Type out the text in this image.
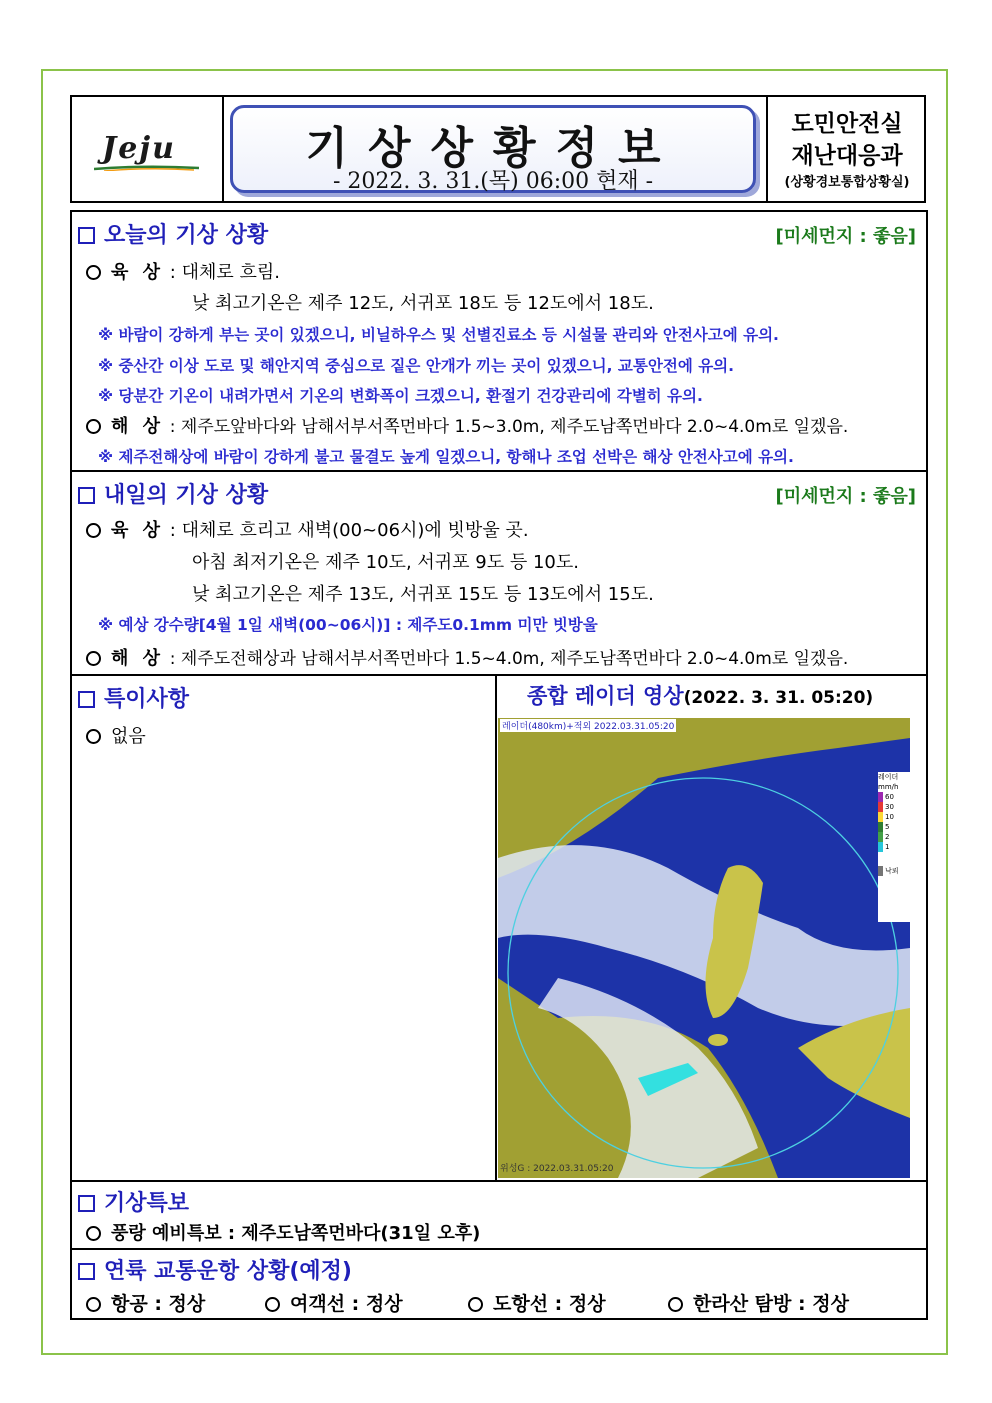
Jeju	기상상황정보
- 2022. 3. 31.(목) 06:00 현재 -
도민안전실
재난대응과
(상황경보통합상황실)
오늘의 기상 상황	[미세먼지 : 좋음]
육 상 : 대체로 흐림.
낮 최고기온은 제주 12도, 서귀포 18도 등 12도에서 18도.
※ 바람이 강하게 부는 곳이 있겠으니, 비닐하우스 및 선별진료소 등 시설물 관리와 안전사고에 유의.
※ 중산간 이상 도로 및 해안지역 중심으로 짙은 안개가 끼는 곳이 있겠으니, 교통안전에 유의.
※ 당분간 기온이 내려가면서 기온의 변화폭이 크겠으니, 환절기 건강관리에 각별히 유의.
해 상 : 제주도앞바다와 남해서부서쪽먼바다 1.5~3.0m, 제주도남쪽먼바다 2.0~4.0m로 일겠음.
※ 제주전해상에 바람이 강하게 불고 물결도 높게 일겠으니, 항해나 조업 선박은 해상 안전사고에 유의.
내일의 기상 상황	[미세먼지 : 좋음]
육 상 : 대체로 흐리고 새벽(00~06시)에 빗방울 곳.
아침 최저기온은 제주 10도, 서귀포 9도 등 10도.
낮 최고기온은 제주 13도, 서귀포 15도 등 13도에서 15도.
※ 예상 강수량[4월 1일 새벽(00~06시)] : 제주도0.1mm 미만 빗방울
해 상 : 제주도전해상과 남해서부서쪽먼바다 1.5~4.0m, 제주도남쪽먼바다 2.0~4.0m로 일겠음.
특이사항
없음
종합 레이더 영상(2022. 3. 31. 05:20)
레이더(480km)+적외 2022.03.31.05:20
위성G : 2022.03.31.05:20
레이더
mm/h
60
30
10
5
2
1
낙뢰
기상특보
풍랑 예비특보 : 제주도남쪽먼바다(31일 오후)
연륙 교통운항 상황(예정)
항공 : 정상	여객선 : 정상	도항선 : 정상	한라산 탐방 : 정상
